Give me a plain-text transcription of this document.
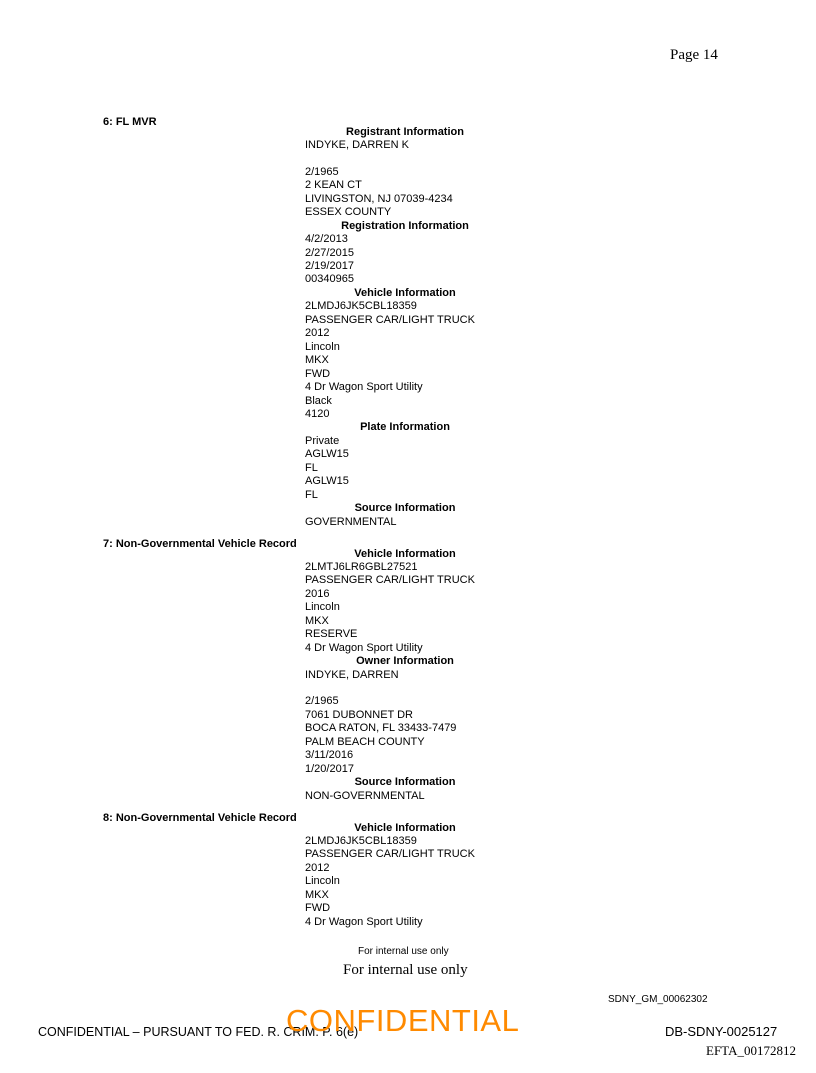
Page 14
6: FL MVR
Registrant Information
INDYKE, DARREN K
2/1965
2 KEAN CT
LIVINGSTON, NJ 07039-4234
ESSEX COUNTY
Registration Information
4/2/2013
2/27/2015
2/19/2017
00340965
Vehicle Information
2LMDJ6JK5CBL18359
PASSENGER CAR/LIGHT TRUCK
2012
Lincoln
MKX
FWD
4 Dr Wagon Sport Utility
Black
4120
Plate Information
Private
AGLW15
FL
AGLW15
FL
Source Information
GOVERNMENTAL
7: Non-Governmental Vehicle Record
Vehicle Information
2LMTJ6LR6GBL27521
PASSENGER CAR/LIGHT TRUCK
2016
Lincoln
MKX
RESERVE
4 Dr Wagon Sport Utility
Owner Information
INDYKE, DARREN
2/1965
7061 DUBONNET DR
BOCA RATON, FL 33433-7479
PALM BEACH COUNTY
3/11/2016
1/20/2017
Source Information
NON-GOVERNMENTAL
8: Non-Governmental Vehicle Record
Vehicle Information
2LMDJ6JK5CBL18359
PASSENGER CAR/LIGHT TRUCK
2012
Lincoln
MKX
FWD
4 Dr Wagon Sport Utility
For internal use only
For internal use only
SDNY_GM_00062302
CONFIDENTIAL – PURSUANT TO FED. R. CRIM. P. 6(e)
CONFIDENTIAL	DB-SDNY-0025127
EFTA_00172812
